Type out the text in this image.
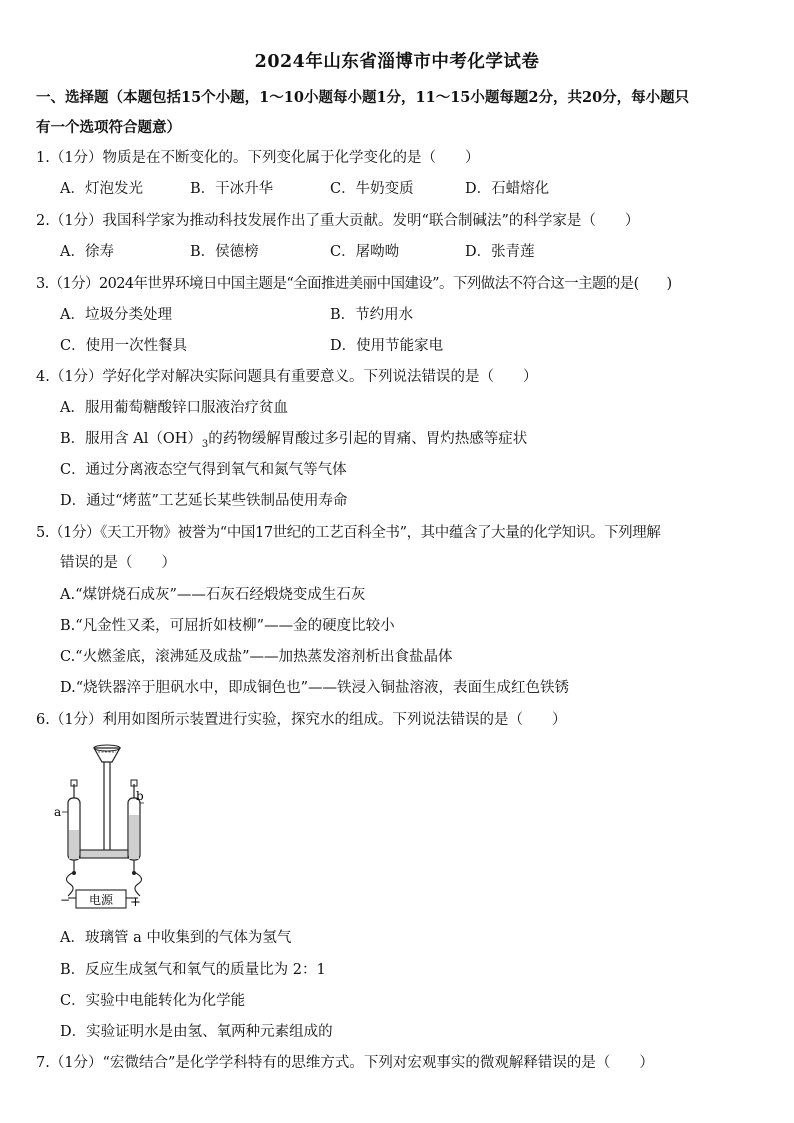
2024年山东省淄博市中考化学试卷
一、选择题（本题包括15个小题，1～10小题每小题1分，11～15小题每题2分，共20分，每小题只
有一个选项符合题意）
1.（1分）物质是在不断变化的。下列变化属于化学变化的是（　　）
A．灯泡发光	B．干冰升华	C．牛奶变质	D．石蜡熔化
2.（1分）我国科学家为推动科技发展作出了重大贡献。发明“联合制碱法”的科学家是（　　）
A．徐寿	B．侯德榜	C．屠呦呦	D．张青莲
3.（1分）2024年世界环境日中国主题是“全面推进美丽中国建设”。下列做法不符合这一主题的是(　　)
A．垃圾分类处理	B．节约用水
C．使用一次性餐具	D．使用节能家电
4.（1分）学好化学对解决实际问题具有重要意义。下列说法错误的是（　　）
A．服用葡萄糖酸锌口服液治疗贫血
B．服用含 $Al(OH)_3$的药物缓解胃酸过多引起的胃痛、胃灼热感等症状
C．通过分离液态空气得到氧气和氮气等气体
D．通过“烤蓝”工艺延长某些铁制品使用寿命
5.（1分）《天工开物》被誉为“中国17世纪的工艺百科全书”，其中蕴含了大量的化学知识。下列理解
错误的是（　　）
A.“煤饼烧石成灰”——石灰石经煅烧变成生石灰
B.“凡金性又柔，可屈折如枝柳”——金的硬度比较小
C.“火燃釜底，滚沸延及成盐”——加热蒸发溶剂析出食盐晶体
D.“烧铁器淬于胆矾水中，即成铜色也”——铁浸入铜盐溶液，表面生成红色铁锈
6.（1分）利用如图所示装置进行实验，探究水的组成。下列说法错误的是（　　）
电源
−	+
a
b
A．玻璃管 a 中收集到的气体为氢气
B．反应生成氢气和氧气的质量比为 2：1
C．实验中电能转化为化学能
D．实验证明水是由氢、氧两种元素组成的
7.（1分）“宏微结合”是化学学科特有的思维方式。下列对宏观事实的微观解释错误的是（　　）
